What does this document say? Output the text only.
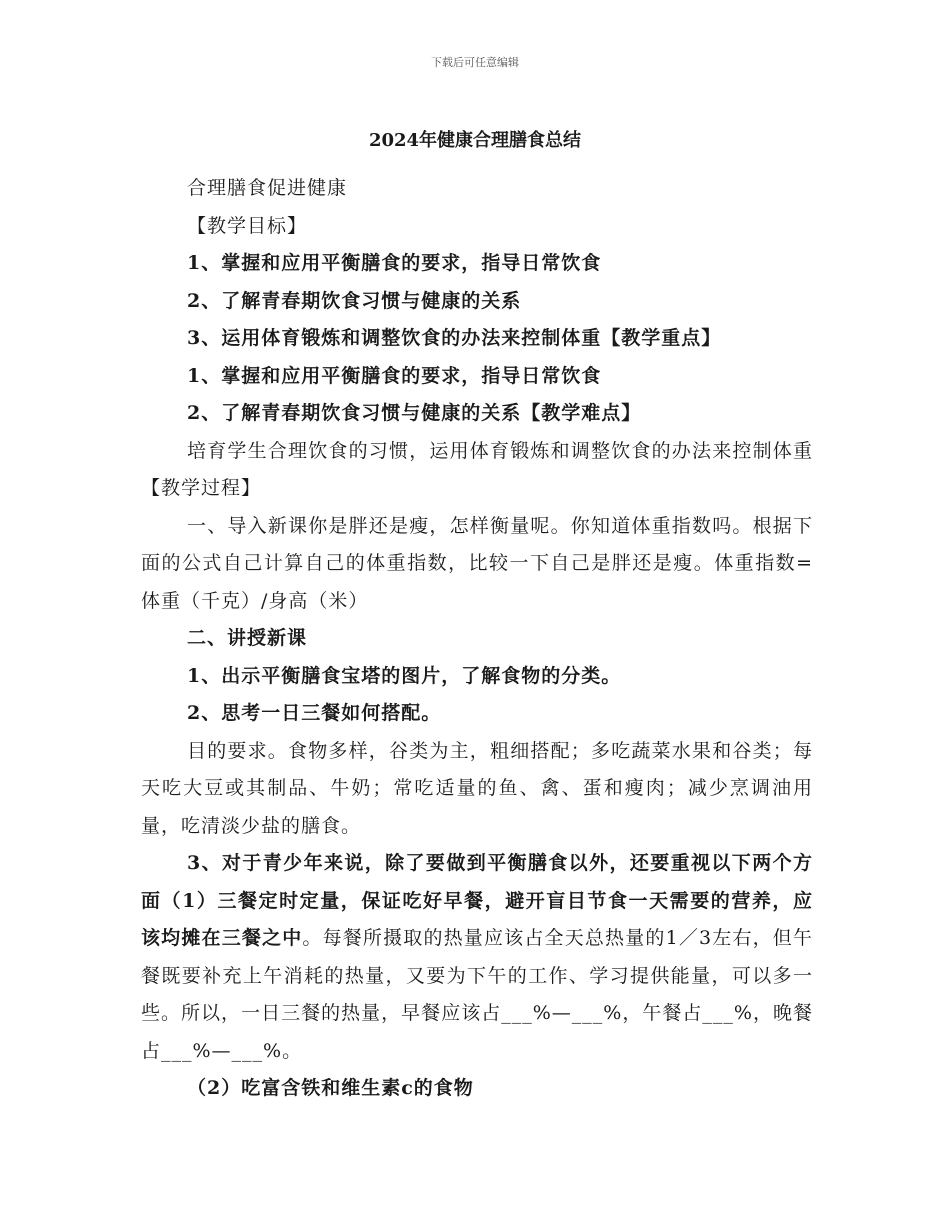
下载后可任意编辑
2024年健康合理膳食总结

合理膳食促进健康

【教学目标】

1、掌握和应用平衡膳食的要求，指导日常饮食

2、了解青春期饮食习惯与健康的关系

3、运用体育锻炼和调整饮食的办法来控制体重【教学重点】

1、掌握和应用平衡膳食的要求，指导日常饮食

2、了解青春期饮食习惯与健康的关系【教学难点】

培育学生合理饮食的习惯，运用体育锻炼和调整饮食的办法来控制体重【教学过程】

一、导入新课你是胖还是瘦，怎样衡量呢。你知道体重指数吗。根据下面的公式自己计算自己的体重指数，比较一下自己是胖还是瘦。体重指数=体重（千克）/身高（米）

二、讲授新课

1、出示平衡膳食宝塔的图片，了解食物的分类。

2、思考一日三餐如何搭配。

目的要求。食物多样，谷类为主，粗细搭配；多吃蔬菜水果和谷类；每天吃大豆或其制品、牛奶；常吃适量的鱼、禽、蛋和瘦肉；减少烹调油用量，吃清淡少盐的膳食。

3、对于青少年来说，除了要做到平衡膳食以外，还要重视以下两个方面（1）三餐定时定量，保证吃好早餐，避开盲目节食一天需要的营养，应该均摊在三餐之中。每餐所摄取的热量应该占全天总热量的1／3左右，但午餐既要补充上午消耗的热量，又要为下午的工作、学习提供能量，可以多一些。所以，一日三餐的热量，早餐应该占___%—___%，午餐占___%，晚餐占___%—___%。

（2）吃富含铁和维生素c的食物
